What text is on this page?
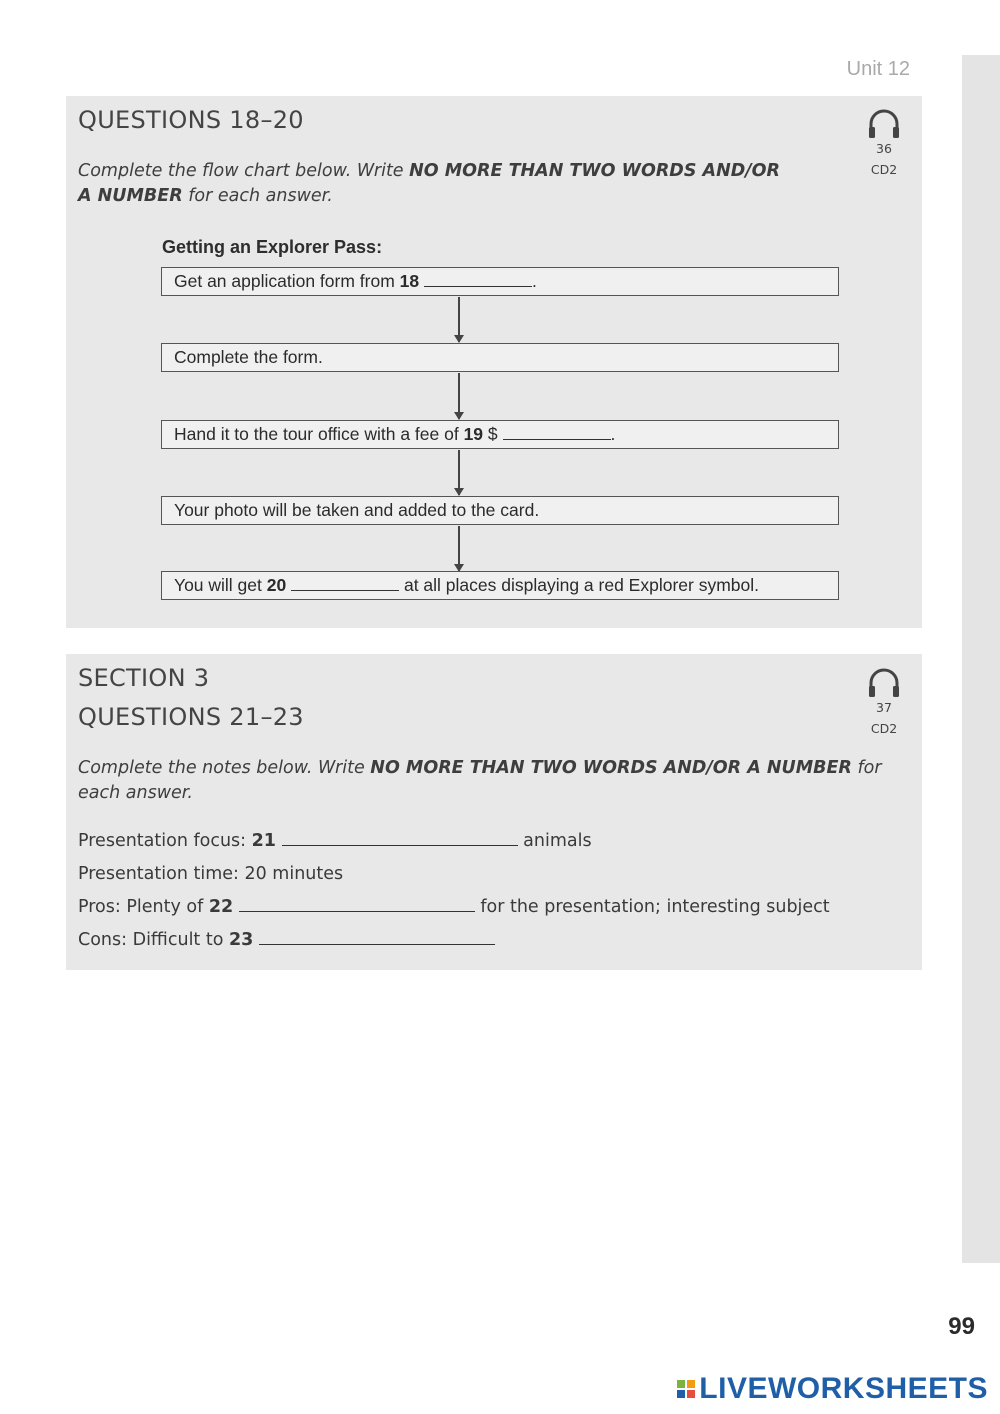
Unit 12
QUESTIONS 18–20
36
CD2
Complete the flow chart below. Write NO MORE THAN TWO WORDS AND/OR
A NUMBER for each answer.
Getting an Explorer Pass:
Get an application form from 18	.
Complete the form.
Hand it to the tour office with a fee of 19 $	.
Your photo will be taken and added to the card.
You will get 20	at all places displaying a red Explorer symbol.
SECTION 3
QUESTIONS 21–23	37
CD2
Complete the notes below. Write NO MORE THAN TWO WORDS AND/OR A NUMBER for
each answer.
Presentation focus: 21	animals
Presentation time: 20 minutes
Pros: Plenty of 22	for the presentation; interesting subject
Cons: Difficult to 23
99
LIVEWORKSHEETS
